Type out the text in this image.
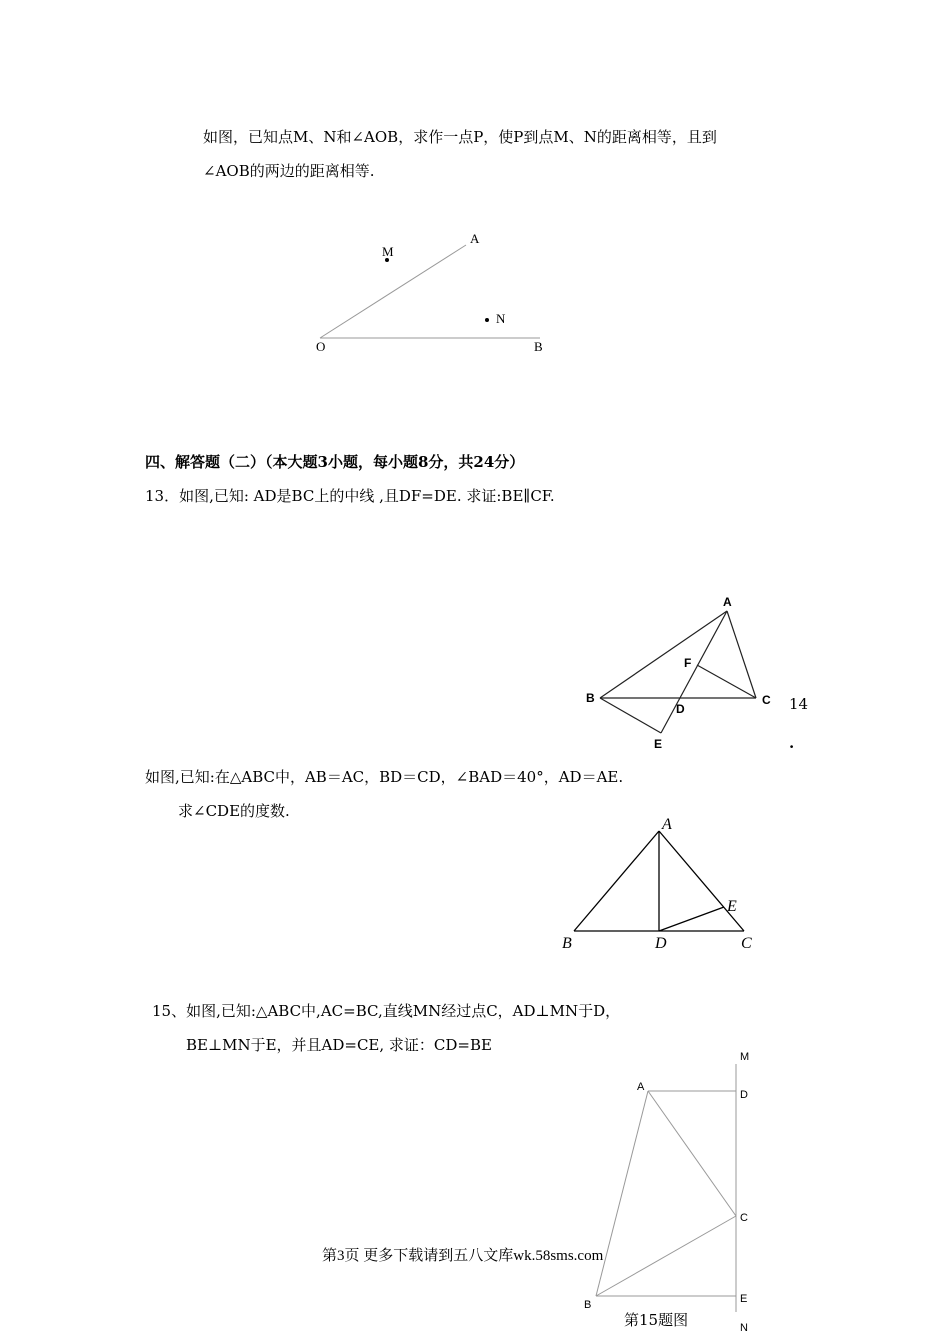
如图，已知点M、N和∠AOB，求作一点P，使P到点M、N的距离相等，且到
∠AOB的两边的距离相等.
A
M
N
O	B
四、解答题（二）（本大题3小题，每小题8分，共24分）
13．如图,已知: AD是BC上的中线 ,且DF=DE. 求证:BE∥CF.
A
F
B
D
C
E
14
.
如图,已知:在△ABC中，AB＝AC，BD＝CD，∠BAD＝40°，AD＝AE.
求∠CDE的度数.
A
E
B	D	C
15、如图,已知:△ABC中,AC=BC,直线MN经过点C，AD⊥MN于D，
BE⊥MN于E，并且AD=CE, 求证：CD=BE
M
A
D
C
B	E
N
第3页 更多下载请到五八文库wk.58sms.com
第15题图
